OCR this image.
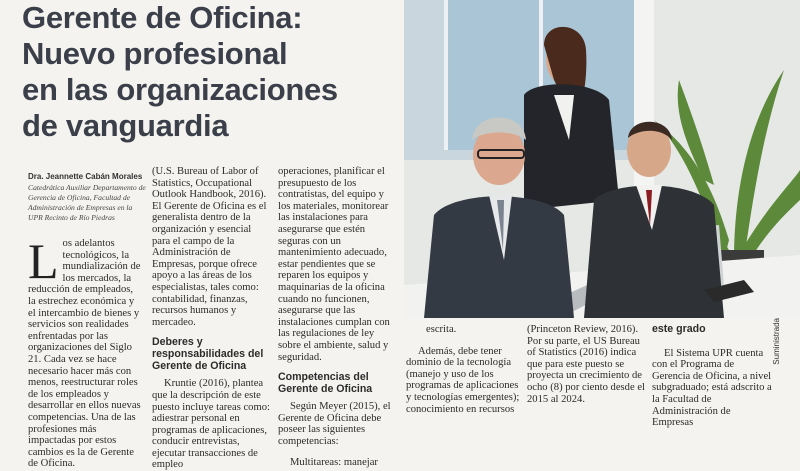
Gerente de Oficina:
Nuevo profesional
en las organizaciones
de vanguardia
Dra. Jeannette Cabán Morales
Catedrática Auxiliar Departamento de Gerencia de Oficina, Facultad de Administración de Empresas en la UPR Recinto de Río Piedras
L os adelantos tecnológicos, la mundialización de los mercados, la reducción de empleados, la estrechez económica y el intercambio de bienes y servicios son realidades enfrentadas por las organizaciones del Siglo 21. Cada vez se hace necesario hacer más con menos, reestructurar roles de los empleados y desarrollar en ellos nuevas competencias. Una de las profesiones más impactadas por estos cambios es la de Gerente de Oficina.

(U.S. Bureau of Labor of Statistics, Occupational Outlook Handbook, 2016). El Gerente de Oficina es el generalista dentro de la organización y esencial para el campo de la Administración de Empresas, porque ofrece apoyo a las áreas de los especialistas, tales como: contabilidad, finanzas, recursos humanos y mercadeo.

Deberes y responsabilidades del Gerente de Oficina

Kruntie (2016), plantea que la descripción de este puesto incluye tareas como: adiestrar personal en programas de aplicaciones, conducir entrevistas, ejecutar transacciones de empleo

operaciones, planificar el presupuesto de los contratistas, del equipo y los materiales, monitorear las instalaciones para asegurarse que estén seguras con un mantenimiento adecuado, estar pendientes que se reparen los equipos y maquinarias de la oficina cuando no funcionen, asegurarse que las instalaciones cumplan con las regulaciones de ley sobre el ambiente, salud y seguridad.

Competencias del Gerente de Oficina

Según Meyer (2015), el Gerente de Oficina debe poseer las siguientes competencias:

Multitareas: manejar

Suministrada

escrita.

Además, debe tener dominio de la tecnología (manejo y uso de los programas de aplicaciones y tecnologías emergentes); conocimiento en recursos

(Princeton Review, 2016). Por su parte, el US Bureau of Statistics (2016) indica que para este puesto se proyecta un crecimiento de ocho (8) por ciento desde el 2015 al 2024.

este grado

El Sistema UPR cuenta con el Programa de Gerencia de Oficina, a nivel subgraduado; está adscrito a la Facultad de Administración de Empresas
